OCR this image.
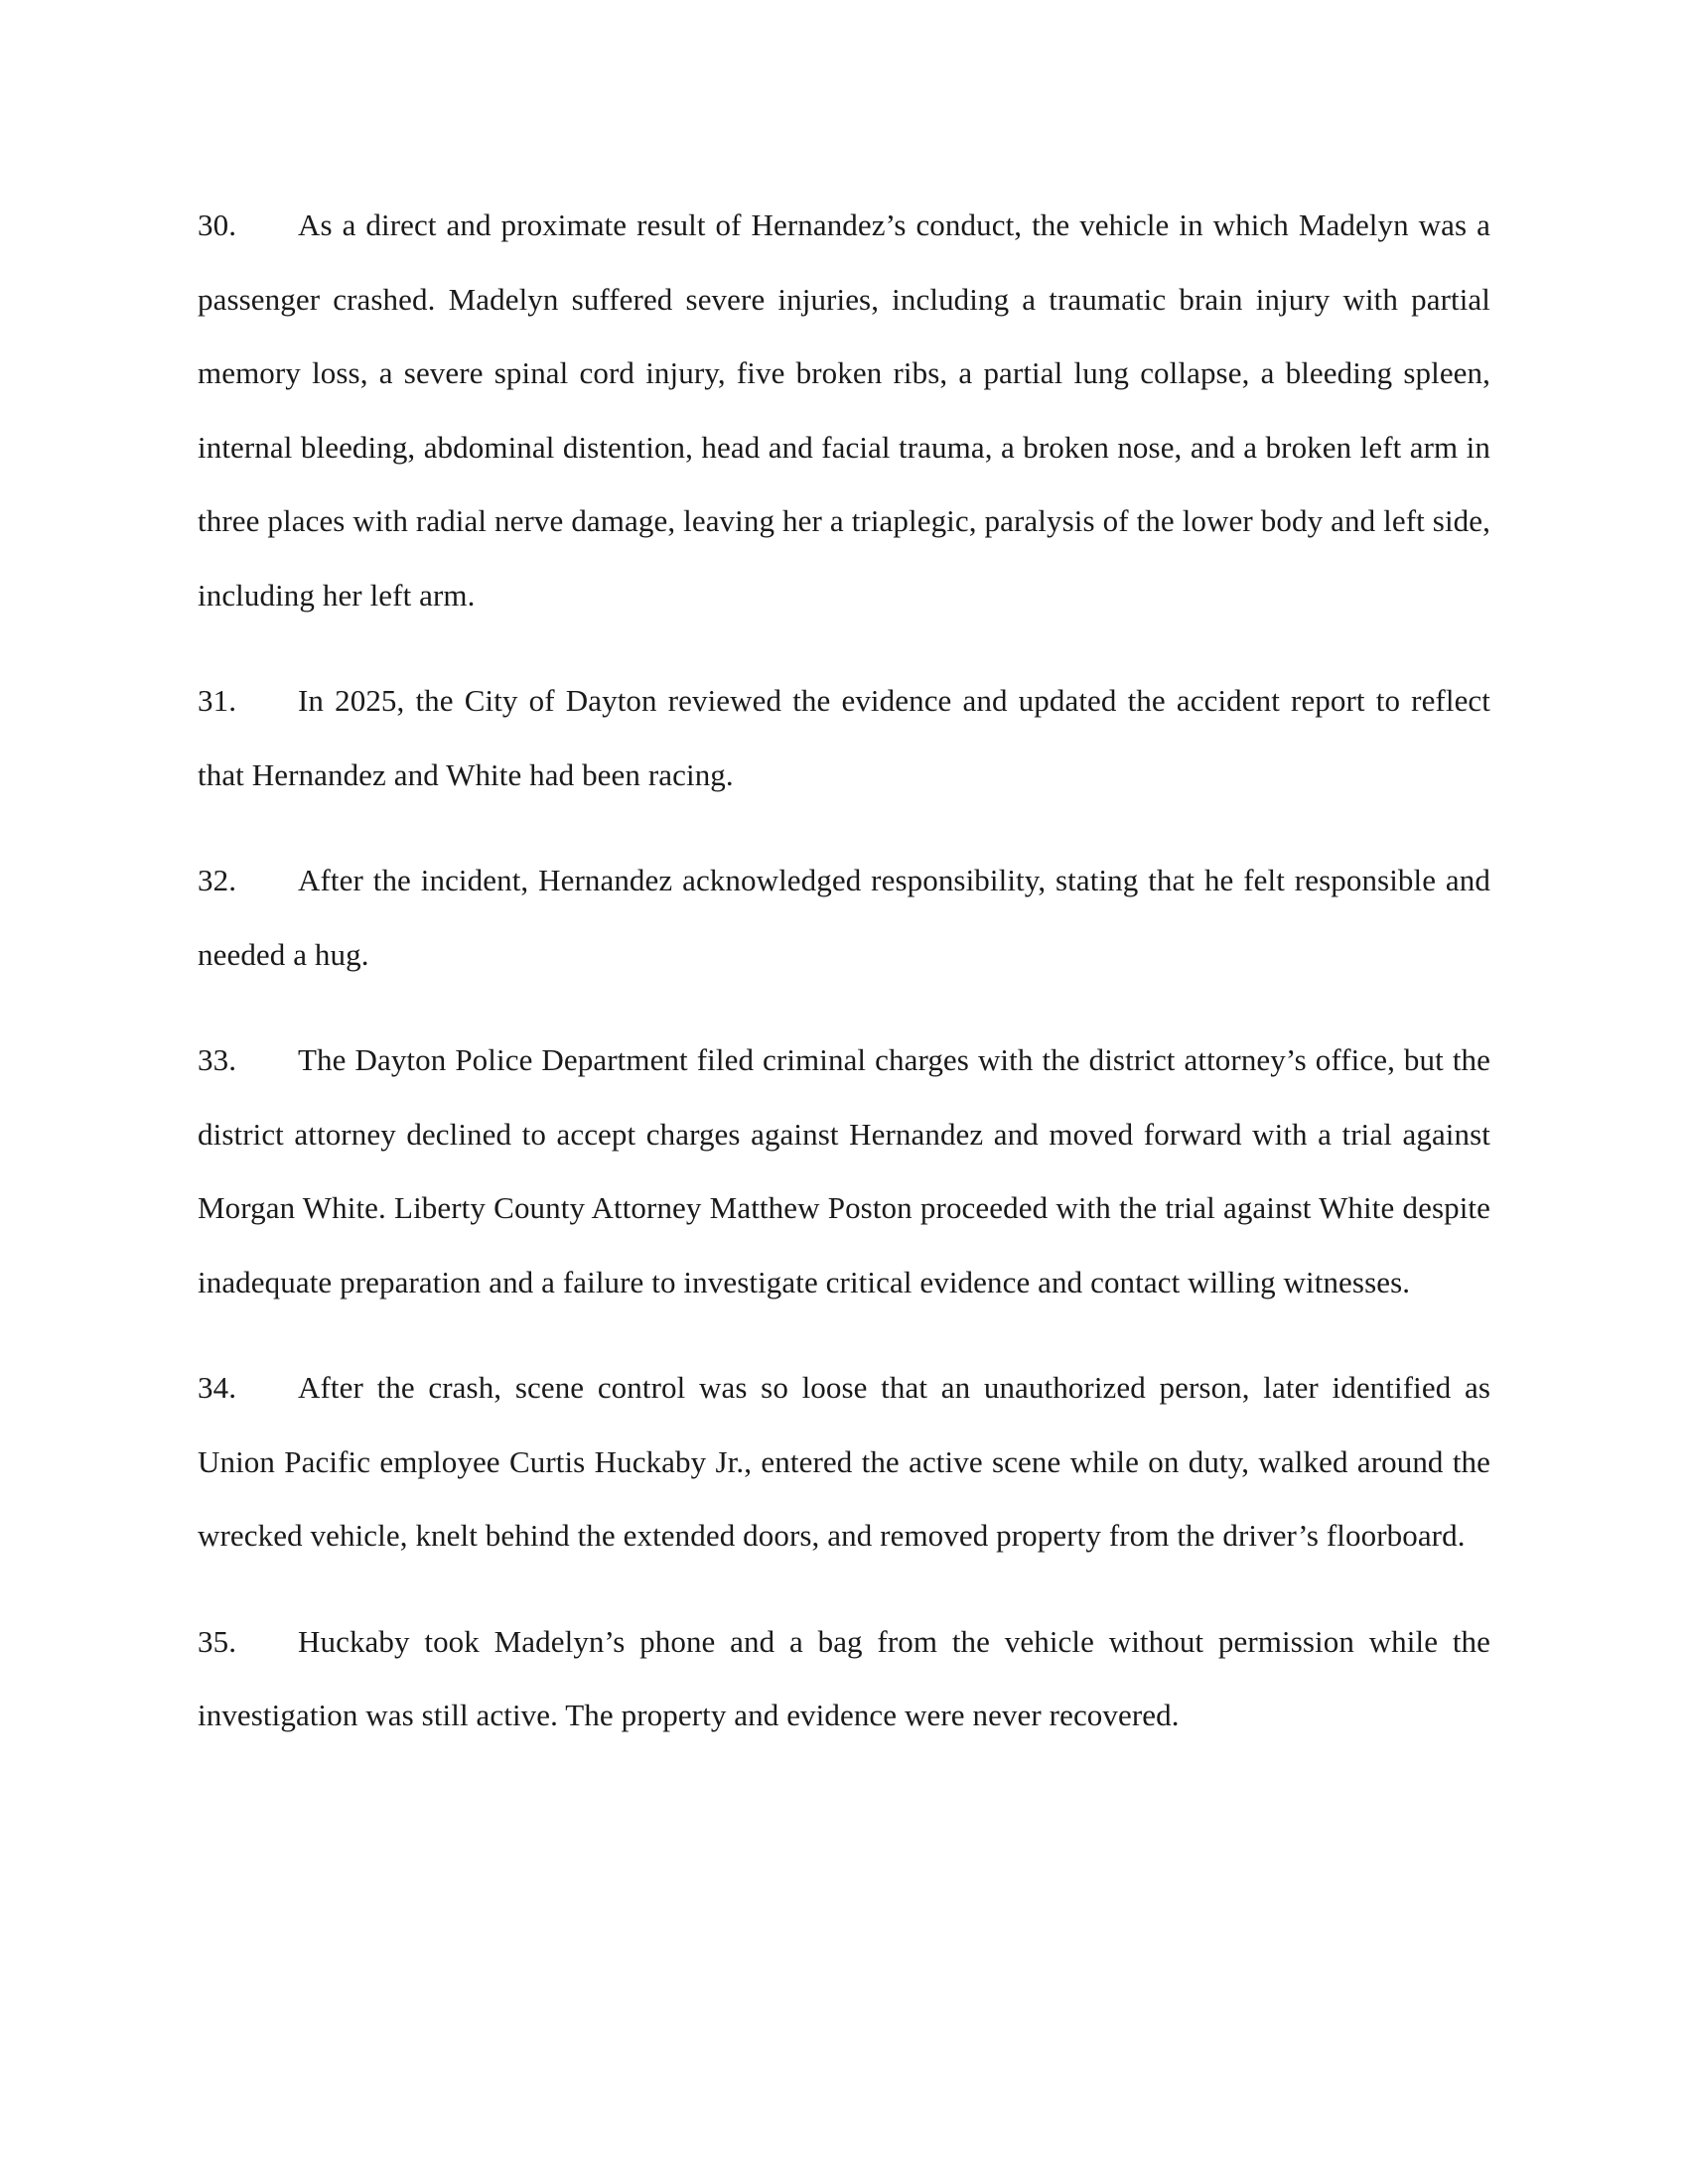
30. As a direct and proximate result of Hernandez’s conduct, the vehicle in which Madelyn was a passenger crashed. Madelyn suffered severe injuries, including a traumatic brain injury with partial memory loss, a severe spinal cord injury, five broken ribs, a partial lung collapse, a bleeding spleen, internal bleeding, abdominal distention, head and facial trauma, a broken nose, and a broken left arm in three places with radial nerve damage, leaving her a triaplegic, paralysis of the lower body and left side, including her left arm.

31. In 2025, the City of Dayton reviewed the evidence and updated the accident report to reflect that Hernandez and White had been racing.

32. After the incident, Hernandez acknowledged responsibility, stating that he felt responsible and needed a hug.

33. The Dayton Police Department filed criminal charges with the district attorney’s office, but the district attorney declined to accept charges against Hernandez and moved forward with a trial against Morgan White. Liberty County Attorney Matthew Poston proceeded with the trial against White despite inadequate preparation and a failure to investigate critical evidence and contact willing witnesses.

34. After the crash, scene control was so loose that an unauthorized person, later identified as Union Pacific employee Curtis Huckaby Jr., entered the active scene while on duty, walked around the wrecked vehicle, knelt behind the extended doors, and removed property from the driver’s floorboard.

35. Huckaby took Madelyn’s phone and a bag from the vehicle without permission while the investigation was still active. The property and evidence were never recovered.
